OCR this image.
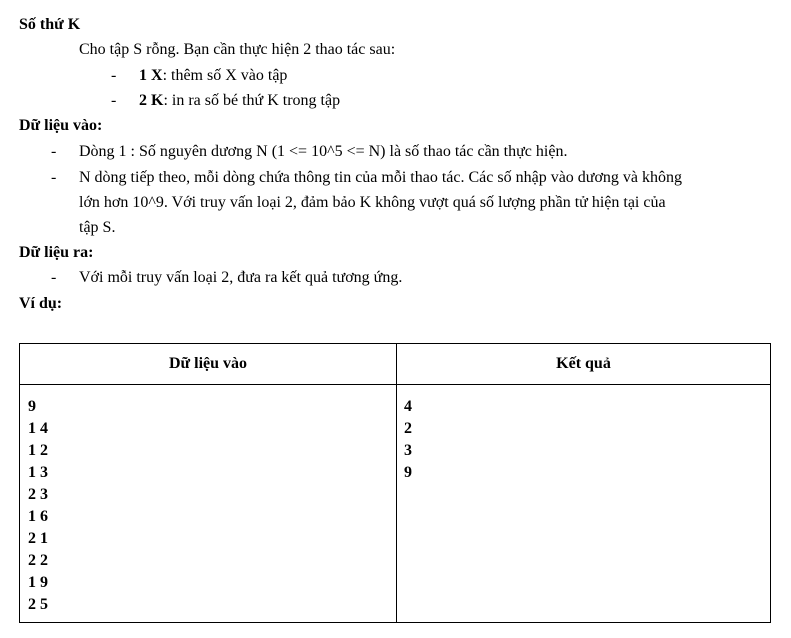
Số thứ K
Cho tập S rỗng. Bạn cần thực hiện 2 thao tác sau:
- 1 X: thêm số X vào tập
- 2 K: in ra số bé thứ K trong tập
Dữ liệu vào:
- Dòng 1 : Số nguyên dương N (1 <= 10^5 <= N) là số thao tác cần thực hiện.
- N dòng tiếp theo, mỗi dòng chứa thông tin của mỗi thao tác. Các số nhập vào dương và không
lớn hơn 10^9. Với truy vấn loại 2, đảm bảo K không vượt quá số lượng phần tử hiện tại của
tập S.
Dữ liệu ra:
- Với mỗi truy vấn loại 2, đưa ra kết quả tương ứng.
Ví dụ:
Dữ liệu vào	Kết quả
9
1 4
1 2
1 3
2 3
1 6
2 1
2 2
1 9
2 5
4
2
3
9
